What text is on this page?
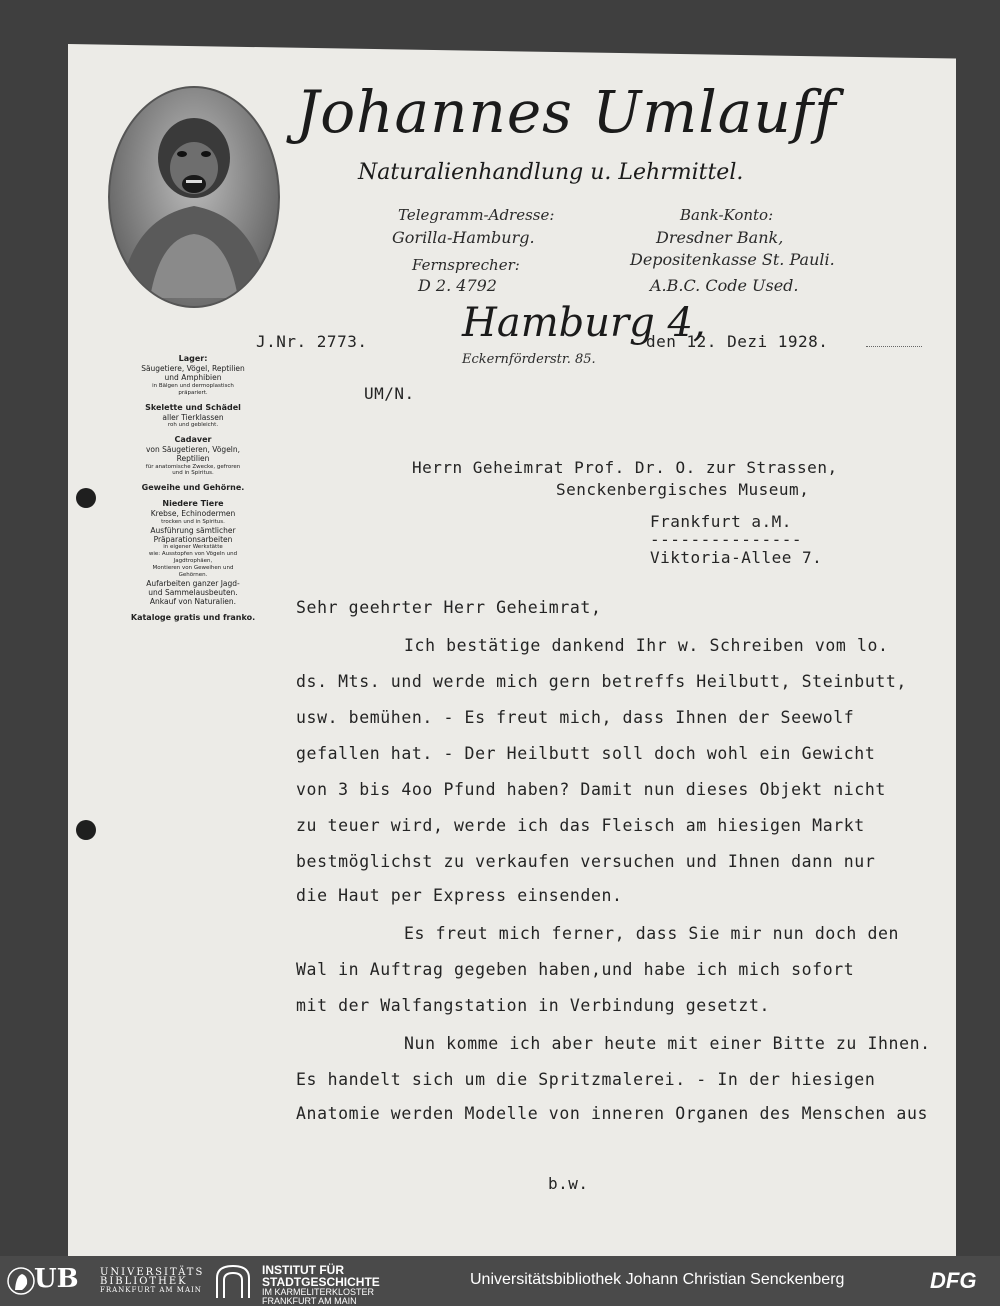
Johannes Umlauff
Naturalienhandlung u. Lehrmittel.
Telegramm-Adresse:
Gorilla-Hamburg.
Fernsprecher:
D 2. 4792
Bank-Konto:
Dresdner Bank,
Depositenkasse St. Pauli.
A.B.C. Code Used.
J.Nr. 2773. Hamburg 4,
Eckernförderstr. 85.
den 12. Dezi 1928.
Lager:
Säugetiere, Vögel, Reptilien
und Amphibien
in Bälgen und dermoplastisch
präpariert.
Skelette und Schädel
aller Tierklassen
roh und gebleicht.
Cadaver
von Säugetieren, Vögeln,
Reptilien
für anatomische Zwecke, gefroren
und in Spiritus.
Geweihe und Gehörne.
Niedere Tiere
Krebse, Echinodermen
trocken und in Spiritus.
Ausführung sämtlicher
Präparationsarbeiten
in eigener Werkstätte
wie: Ausstopfen von Vögeln und
Jagdtrophäen,
Montieren von Geweihen und
Gehörnen.
Aufarbeiten ganzer Jagd-
und Sammelausbeuten.
Ankauf von Naturalien.
Kataloge gratis und franko.
UM/N.
Herrn Geheimrat Prof. Dr. O. zur Strassen,
Senckenbergisches Museum,
Frankfurt a.M.
---------------
Viktoria-Allee 7.
Sehr geehrter Herr Geheimrat,
Ich bestätige dankend Ihr w. Schreiben vom lo.
ds. Mts. und werde mich gern betreffs Heilbutt, Steinbutt,
usw. bemühen. - Es freut mich, dass Ihnen der Seewolf
gefallen hat. - Der Heilbutt soll doch wohl ein Gewicht
von 3 bis 4oo Pfund haben? Damit nun dieses Objekt nicht
zu teuer wird, werde ich das Fleisch am hiesigen Markt
bestmöglichst zu verkaufen versuchen und Ihnen dann nur
die Haut per Express einsenden.
Es freut mich ferner, dass Sie mir nun doch den
Wal in Auftrag gegeben haben,und habe ich mich sofort
mit der Walfangstation in Verbindung gesetzt.
Nun komme ich aber heute mit einer Bitte zu Ihnen.
Es handelt sich um die Spritzmalerei. - In der hiesigen
Anatomie werden Modelle von inneren Organen des Menschen aus
b.w.
UB UNIVERSITÄTS
BIBLIOTHEK
FRANKFURT AM MAIN
INSTITUT FÜR
STADTGESCHICHTE
IM KARMELITERKLOSTER
FRANKFURT AM MAIN
Universitätsbibliothek Johann Christian Senckenberg	DFG
